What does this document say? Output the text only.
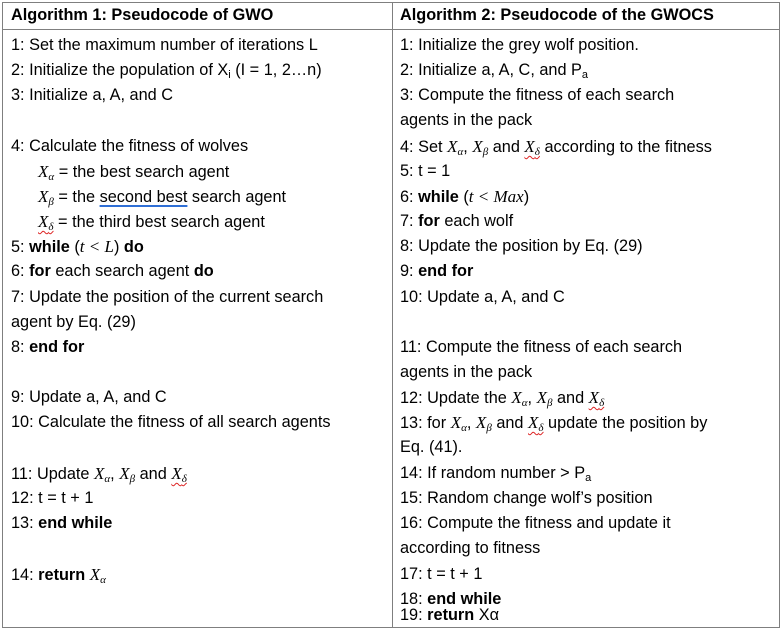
Algorithm 1: Pseudocode of GWO
1: Set the maximum number of iterations L
2: Initialize the population of $X_i$ (I = 1, 2…n)
3: Initialize a, A, and C
4: Calculate the fitness of wolves
$X_\alpha$ = the best search agent
$X_\beta$ = the second best search agent
$X_\delta$ = the third best search agent
5: while (t < L) do
6: for each search agent do
7: Update the position of the current search
agent by Eq. (29)
8: end for
9: Update a, A, and C
10: Calculate the fitness of all search agents
11: Update $X_\alpha$, $X_\beta$ and $X_\delta$
12: t = t + 1
13: end while
14: return $X_\alpha$
Algorithm 2: Pseudocode of the GWOCS
1: Initialize the grey wolf position.
2: Initialize a, A, C, and $P_a$
3: Compute the fitness of each search
agents in the pack
4: Set $X_\alpha$, $X_\beta$ and $X_\delta$ according to the fitness
5: t = 1
6: while (t < Max)
7: for each wolf
8: Update the position by Eq. (29)
9: end for
10: Update a, A, and C
11: Compute the fitness of each search
agents in the pack
12: Update the $X_\alpha$, $X_\beta$ and $X_\delta$
13: for $X_\alpha$, $X_\beta$ and $X_\delta$ update the position by
Eq. (41).
14: If random number > $P_a$
15: Random change wolf’s position
16: Compute the fitness and update it
according to fitness
17: t = t + 1
18: end while
19: return Xα
